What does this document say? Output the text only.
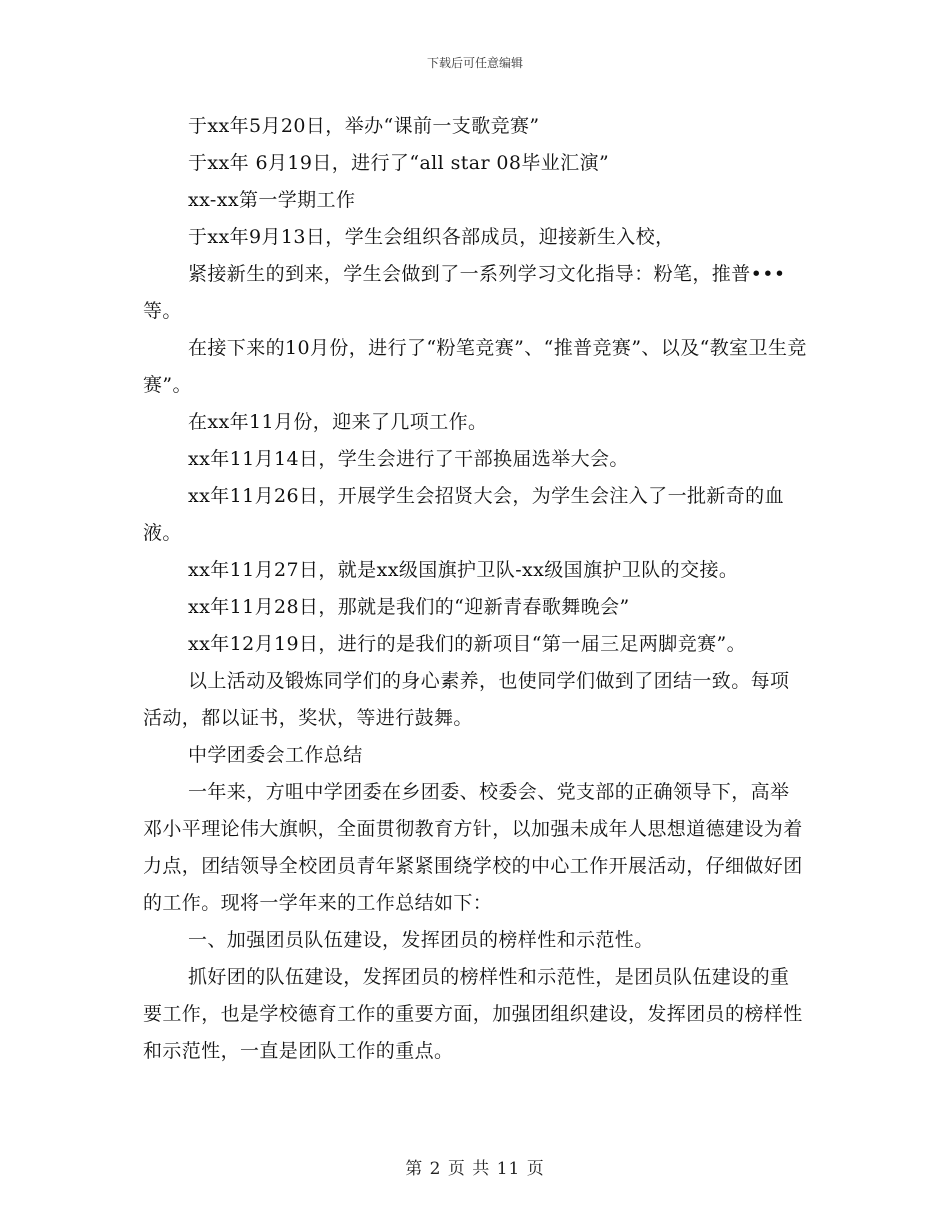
下载后可任意编辑

于xx年5月20日，举办“课前一支歌竞赛”

于xx年 6月19日，进行了“all star 08毕业汇演”

xx-xx第一学期工作

于xx年9月13日，学生会组织各部成员，迎接新生入校，

紧接新生的到来，学生会做到了一系列学习文化指导：粉笔，推普•••等。

在接下来的10月份，进行了“粉笔竞赛”、“推普竞赛”、以及“教室卫生竞赛”。

在xx年11月份，迎来了几项工作。

xx年11月14日，学生会进行了干部换届选举大会。

xx年11月26日，开展学生会招贤大会，为学生会注入了一批新奇的血液。

xx年11月27日，就是xx级国旗护卫队-xx级国旗护卫队的交接。

xx年11月28日，那就是我们的“迎新青春歌舞晚会”

xx年12月19日，进行的是我们的新项目“第一届三足两脚竞赛”。

以上活动及锻炼同学们的身心素养，也使同学们做到了团结一致。每项活动，都以证书，奖状，等进行鼓舞。

中学团委会工作总结

一年来，方咀中学团委在乡团委、校委会、党支部的正确领导下，高举邓小平理论伟大旗帜，全面贯彻教育方针，以加强未成年人思想道德建设为着力点，团结领导全校团员青年紧紧围绕学校的中心工作开展活动，仔细做好团的工作。现将一学年来的工作总结如下：

一、加强团员队伍建设，发挥团员的榜样性和示范性。

抓好团的队伍建设，发挥团员的榜样性和示范性，是团员队伍建设的重要工作，也是学校德育工作的重要方面，加强团组织建设，发挥团员的榜样性和示范性，一直是团队工作的重点。

第 2 页 共 11 页
